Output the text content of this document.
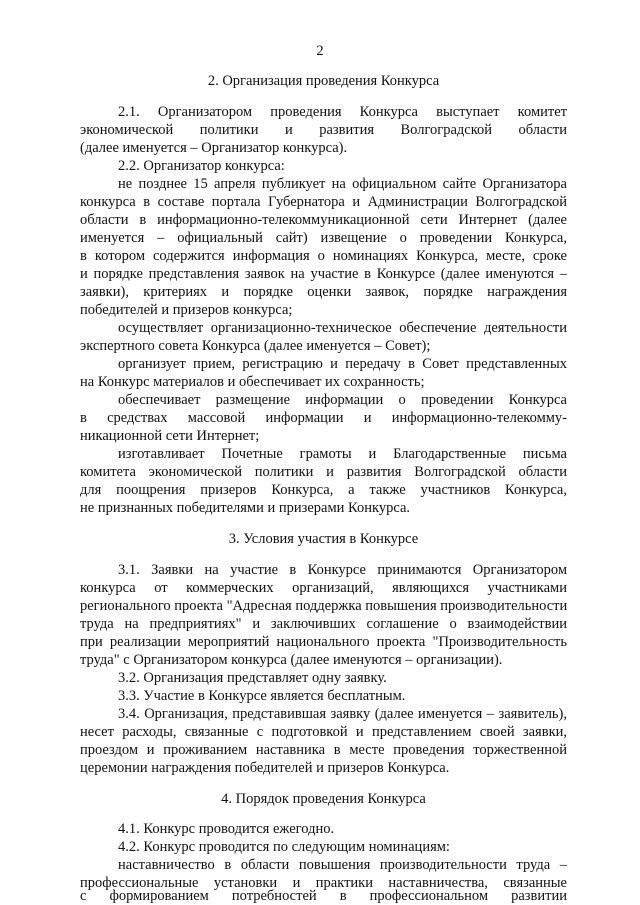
2
2. Организация проведения Конкурса
2.1. Организатором проведения Конкурса выступает комитет
экономической политики и развития Волгоградской области
(далее именуется – Организатор конкурса).
2.2. Организатор конкурса:
не позднее 15 апреля публикует на официальном сайте Организатора
конкурса в составе портала Губернатора и Администрации Волгоградской
области в информационно-телекоммуникационной сети Интернет (далее
именуется – официальный сайт) извещение о проведении Конкурса,
в котором содержится информация о номинациях Конкурса, месте, сроке
и порядке представления заявок на участие в Конкурсе (далее именуются –
заявки), критериях и порядке оценки заявок, порядке награждения
победителей и призеров конкурса;
осуществляет организационно-техническое обеспечение деятельности
экспертного совета Конкурса (далее именуется – Совет);
организует прием, регистрацию и передачу в Совет представленных
на Конкурс материалов и обеспечивает их сохранность;
обеспечивает размещение информации о проведении Конкурса
в средствах массовой информации и информационно-телекомму-
никационной сети Интернет;
изготавливает Почетные грамоты и Благодарственные письма
комитета экономической политики и развития Волгоградской области
для поощрения призеров Конкурса, а также участников Конкурса,
не признанных победителями и призерами Конкурса.
3. Условия участия в Конкурсе
3.1. Заявки на участие в Конкурсе принимаются Организатором
конкурса от коммерческих организаций, являющихся участниками
регионального проекта "Адресная поддержка повышения производительности
труда на предприятиях" и заключивших соглашение о взаимодействии
при реализации мероприятий национального проекта "Производительность
труда" с Организатором конкурса (далее именуются – организации).
3.2. Организация представляет одну заявку.
3.3. Участие в Конкурсе является бесплатным.
3.4. Организация, представившая заявку (далее именуется – заявитель),
несет расходы, связанные с подготовкой и представлением своей заявки,
проездом и проживанием наставника в месте проведения торжественной
церемонии награждения победителей и призеров Конкурса.
4. Порядок проведения Конкурса
4.1. Конкурс проводится ежегодно.
4.2. Конкурс проводится по следующим номинациям:
наставничество в области повышения производительности труда –
профессиональные установки и практики наставничества, связанные
с формированием потребностей в профессиональном развитии
